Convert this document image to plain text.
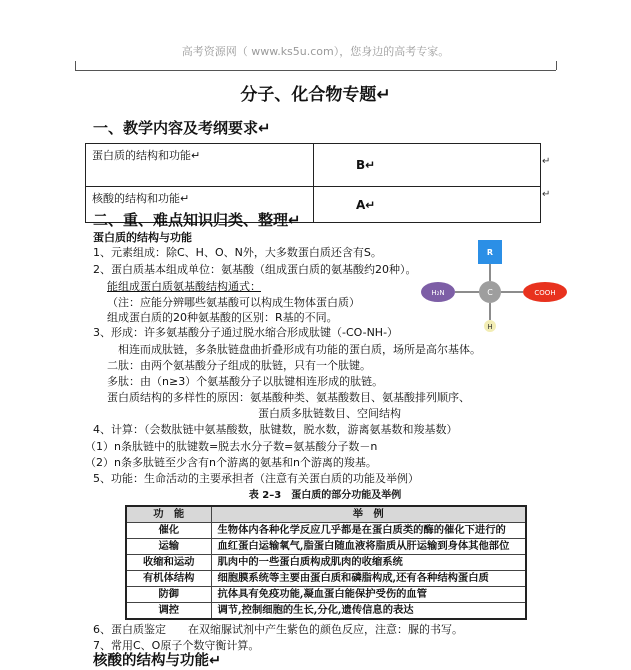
高考资源网（ www.ks5u.com），您身边的高考专家。
分子、化合物专题↵
一、教学内容及考纲要求↵
蛋白质的结构和功能↵	B↵
核酸的结构和功能↵	A↵
↵
↵
二、重、难点知识归类、整理↵
蛋白质的结构与功能
1、元素组成：除C、H、O、N外，大多数蛋白质还含有S。
2、蛋白质基本组成单位：氨基酸（组成蛋白质的氨基酸约20种）。
能组成蛋白质氨基酸结构通式：
（注：应能分辨哪些氨基酸可以构成生物体蛋白质）
组成蛋白质的20种氨基酸的区别：R基的不同。
3、形成：许多氨基酸分子通过脱水缩合形成肽键（-CO-NH-）
相连而成肽链，多条肽链盘曲折叠形成有功能的蛋白质，场所是高尔基体。
二肽：由两个氨基酸分子组成的肽链，只有一个肽键。
多肽：由（n≥3）个氨基酸分子以肽键相连形成的肽链。
蛋白质结构的多样性的原因：氨基酸种类、氨基酸数目、氨基酸排列顺序、
蛋白质多肽链数目、空间结构
4、计算：（会数肽链中氨基酸数，肽键数，脱水数，游离氨基数和羧基数）
（1）n条肽链中的肽键数=脱去水分子数=氨基酸分子数－n
（2）n条多肽链至少含有n个游离的氨基和n个游离的羧基。
5、功能：生命活动的主要承担者（注意有关蛋白质的功能及举例）
R
C
H₂N	COOH
H
表 2–3　蛋白质的部分功能及举例
功　能	举　例
催化	生物体内各种化学反应几乎都是在蛋白质类的酶的催化下进行的
运输	血红蛋白运输氧气,脂蛋白随血液将脂质从肝运输到身体其他部位
收缩和运动	肌肉中的一些蛋白质构成肌肉的收缩系统
有机体结构	细胞膜系统等主要由蛋白质和磷脂构成,还有各种结构蛋白质
防御	抗体具有免疫功能,凝血蛋白能保护受伤的血管
调控	调节,控制细胞的生长,分化,遗传信息的表达
6、蛋白质鉴定　　在双缩脲试剂中产生紫色的颜色反应，注意：脲的书写。
7、常用C、O原子个数守衡计算。
核酸的结构与功能↵
